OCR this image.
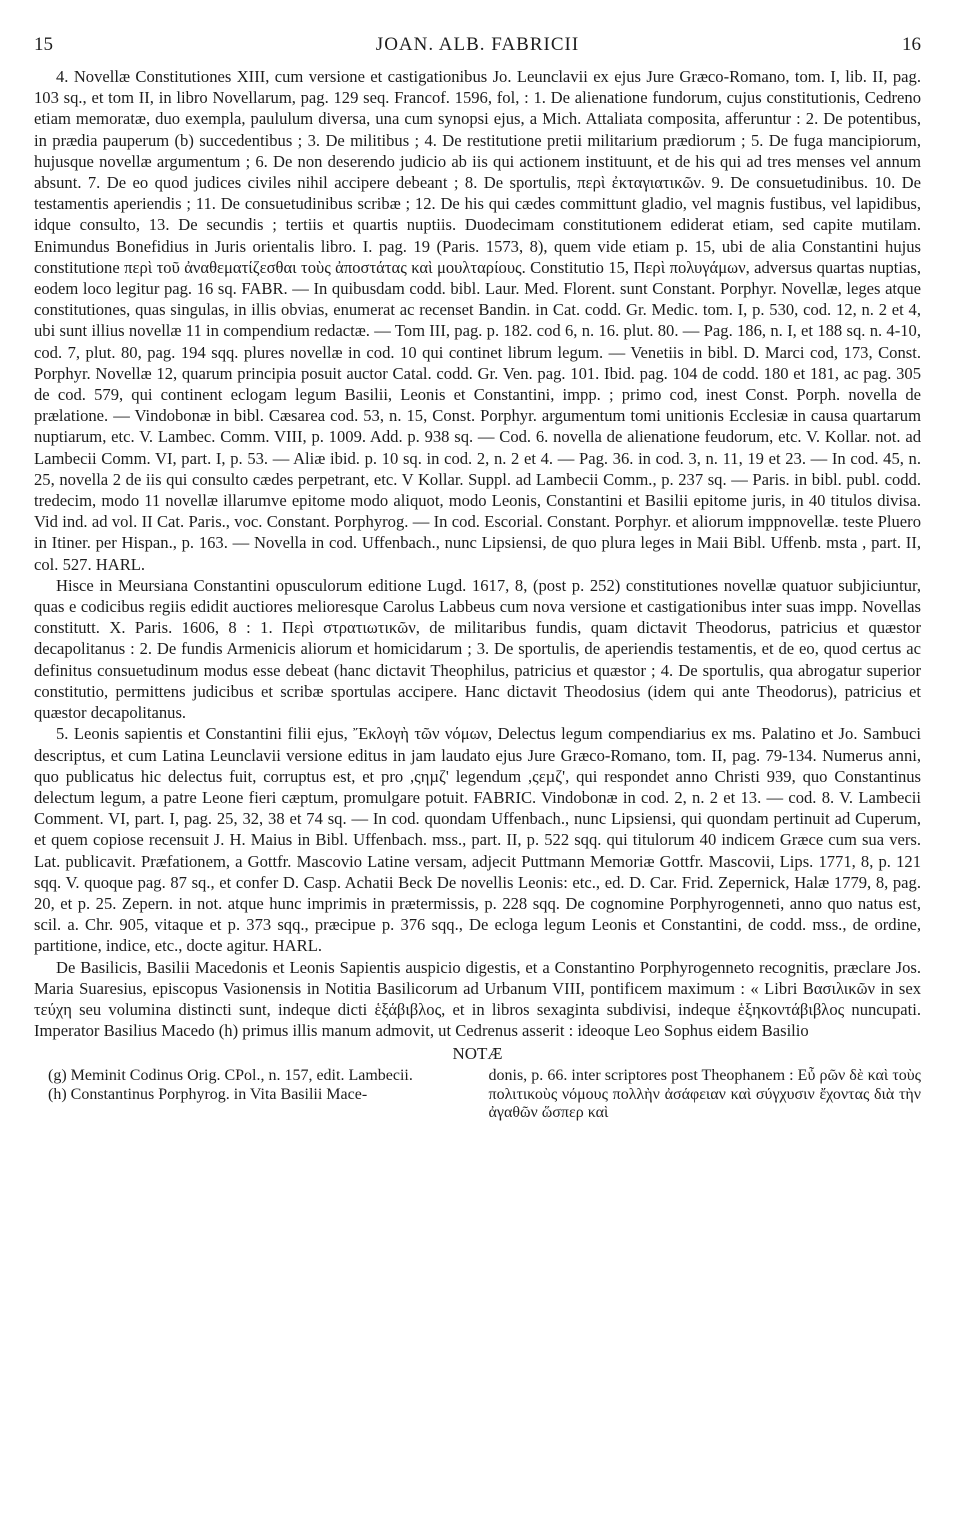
15	JOAN. ALB. FABRICII	16

4. Novellæ Constitutiones XIII, cum versione et castigationibus Jo. Leunclavii ex ejus Jure Græco-Romano, tom. I, lib. II, pag. 103 sq., et tom II, in libro Novellarum, pag. 129 seq. Francof. 1596, fol, : 1. De alienatione fundorum, cujus constitutionis, Cedreno etiam memoratæ, duo exempla, paululum diversa, una cum synopsi ejus, a Mich. Attaliata composita, afferuntur : 2. De potentibus, in prædia pauperum (b) succedentibus ; 3. De militibus ; 4. De restitutione pretii militarium prædiorum ; 5. De fuga mancipiorum, hujusque novellæ argumentum ; 6. De non deserendo judicio ab iis qui actionem instituunt, et de his qui ad tres menses vel annum absunt. 7. De eo quod judices civiles nihil accipere debeant ; 8. De sportulis, περὶ ἐκταγιατικῶν. 9. De consuetudinibus. 10. De testamentis aperiendis ; 11. De consuetudinibus scribæ ; 12. De his qui cædes committunt gladio, vel magnis fustibus, vel lapidibus, idque consulto, 13. De secundis ; tertiis et quartis nuptiis. Duodecimam constitutionem ediderat etiam, sed capite mutilam. Enimundus Bonefidius in Juris orientalis libro. I. pag. 19 (Paris. 1573, 8), quem vide etiam p. 15, ubi de alia Constantini hujus constitutione περὶ τοῦ ἀναθεματίζεσθαι τοὺς ἀποστάτας καὶ μουλταρίους. Constitutio 15, Περὶ πολυγάμων, adversus quartas nuptias, eodem loco legitur pag. 16 sq. FABR. — In quibusdam codd. bibl. Laur. Med. Florent. sunt Constant. Porphyr. Novellæ, leges atque constitutiones, quas singulas, in illis obvias, enumerat ac recenset Bandin. in Cat. codd. Gr. Medic. tom. I, p. 530, cod. 12, n. 2 et 4, ubi sunt illius novellæ 11 in compendium redactæ. — Tom III, pag. p. 182. cod 6, n. 16. plut. 80. — Pag. 186, n. I, et 188 sq. n. 4-10, cod. 7, plut. 80, pag. 194 sqq. plures novellæ in cod. 10 qui continet librum legum. — Venetiis in bibl. D. Marci cod, 173, Const. Porphyr. Novellæ 12, quarum principia posuit auctor Catal. codd. Gr. Ven. pag. 101. Ibid. pag. 104 de codd. 180 et 181, ac pag. 305 de cod. 579, qui continent eclogam legum Basilii, Leonis et Constantini, impp. ; primo cod, inest Const. Porph. novella de prælatione. — Vindobonæ in bibl. Cæsarea cod. 53, n. 15, Const. Porphyr. argumentum tomi unitionis Ecclesiæ in causa quartarum nuptiarum, etc. V. Lambec. Comm. VIII, p. 1009. Add. p. 938 sq. — Cod. 6. novella de alienatione feudorum, etc. V. Kollar. not. ad Lambecii Comm. VI, part. I, p. 53. — Aliæ ibid. p. 10 sq. in cod. 2, n. 2 et 4. — Pag. 36. in cod. 3, n. 11, 19 et 23. — In cod. 45, n. 25, novella 2 de iis qui consulto cædes perpetrant, etc. V Kollar. Suppl. ad Lambecii Comm., p. 237 sq. — Paris. in bibl. publ. codd. tredecim, modo 11 novellæ illarumve epitome modo aliquot, modo Leonis, Constantini et Basilii epitome juris, in 40 titulos divisa. Vid ind. ad vol. II Cat. Paris., voc. Constant. Porphyrog. — In cod. Escorial. Constant. Porphyr. et aliorum imppnovellæ. teste Pluero in Itiner. per Hispan., p. 163. — Novella in cod. Uffenbach., nunc Lipsiensi, de quo plura leges in Maii Bibl. Uffenb. msta , part. II, col. 527. HARL.

Hisce in Meursiana Constantini opusculorum editione Lugd. 1617, 8, (post p. 252) constitutiones novellæ quatuor subjiciuntur, quas e codicibus regiis edidit auctiores melioresque Carolus Labbeus cum nova versione et castigationibus inter suas impp. Novellas constitutt. X. Paris. 1606, 8 : 1. Περὶ στρατιωτικῶν, de militaribus fundis, quam dictavit Theodorus, patricius et quæstor decapolitanus : 2. De fundis Armenicis aliorum et homicidarum ; 3. De sportulis, de aperiendis testamentis, et de eo, quod certus ac definitus consuetudinum modus esse debeat (hanc dictavit Theophilus, patricius et quæstor ; 4. De sportulis, qua abrogatur superior constitutio, permittens judicibus et scribæ sportulas accipere. Hanc dictavit Theodosius (idem qui ante Theodorus), patricius et quæstor decapolitanus.

5. Leonis sapientis et Constantini filii ejus, Ἔκλογὴ τῶν νόμων, Delectus legum compendiarius ex ms. Palatino et Jo. Sambuci descriptus, et cum Latina Leunclavii versione editus in jam laudato ejus Jure Græco-Romano, tom. II, pag. 79-134. Numerus anni, quo publicatus hic delectus fuit, corruptus est, et pro ,ςηµζ' legendum ,ςεµζ', qui respondet anno Christi 939, quo Constantinus delectum legum, a patre Leone fieri cæptum, promulgare potuit. FABRIC. Vindobonæ in cod. 2, n. 2 et 13. — cod. 8. V. Lambecii Comment. VI, part. I, pag. 25, 32, 38 et 74 sq. — In cod. quondam Uffenbach., nunc Lipsiensi, qui quondam pertinuit ad Cuperum, et quem copiose recensuit J. H. Maius in Bibl. Uffenbach. mss., part. II, p. 522 sqq. qui titulorum 40 indicem Græce cum sua vers. Lat. publicavit. Præfationem, a Gottfr. Mascovio Latine versam, adjecit Puttmann Memoriæ Gottfr. Mascovii, Lips. 1771, 8, p. 121 sqq. V. quoque pag. 87 sq., et confer D. Casp. Achatii Beck De novellis Leonis: etc., ed. D. Car. Frid. Zepernick, Halæ 1779, 8, pag. 20, et p. 25. Zepern. in not. atque hunc imprimis in prætermissis, p. 228 sqq. De cognomine Porphyrogenneti, anno quo natus est, scil. a. Chr. 905, vitaque et p. 373 sqq., præcipue p. 376 sqq., De ecloga legum Leonis et Constantini, de codd. mss., de ordine, partitione, indice, etc., docte agitur. HARL.

De Basilicis, Basilii Macedonis et Leonis Sapientis auspicio digestis, et a Constantino Porphyrogenneto recognitis, præclare Jos. Maria Suaresius, episcopus Vasionensis in Notitia Basilicorum ad Urbanum VIII, pontificem maximum : « Libri Βασιλικῶν in sex τεύχη seu volumina distincti sunt, indeque dicti ἑξάβιβλος, et in libros sexaginta subdivisi, indeque ἑξηκοντάβιβλος nuncupati. Imperator Basilius Macedo (h) primus illis manum admovit, ut Cedrenus asserit : ideoque Leo Sophus eidem Basilio

NOTÆ

(g) Meminit Codinus Orig. CPol., n. 157, edit. Lambecii.

(h) Constantinus Porphyrog. in Vita Basilii Mace-

donis, p. 66. inter scriptores post Theophanem : Εὖ ρῶν δὲ καὶ τοὺς πολιτικοὺς νόμους πολλὴν ἀσάφειαν καὶ σύγχυσιν ἔχοντας διὰ τὴν ἀγαθῶν ὥσπερ καὶ
